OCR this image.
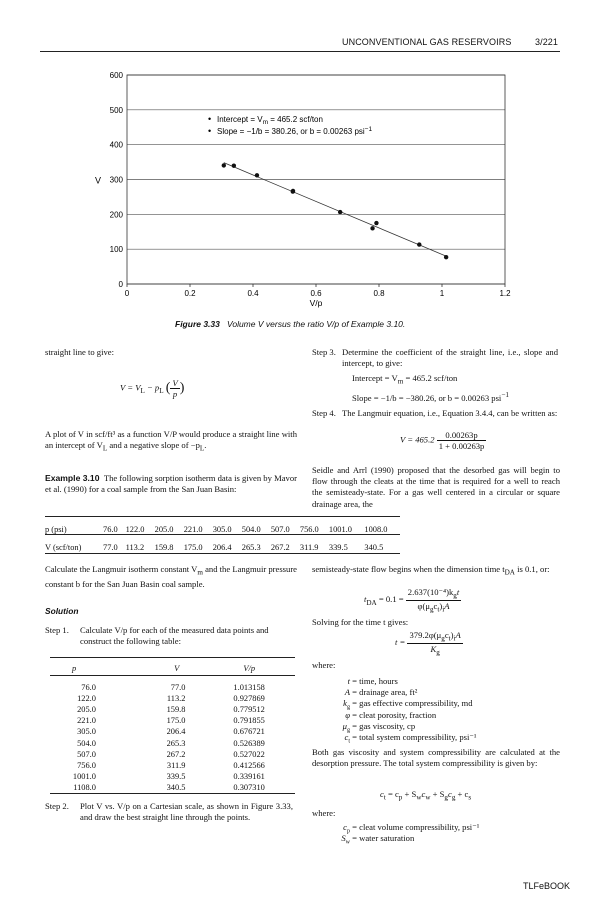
UNCONVENTIONAL GAS RESERVOIRS	3/221
0
100
200
300
400
500
600
0	0.2	0.4	0.6	0.8	1	1.2
• Intercept = $V_m = 465.2$ scf/ton
• Slope = −1/b = 380.26, or b = 0.00263 psi$^{-1}$
V/p
V
Figure 3.33 Volume V versus the ratio V/p of Example 3.10.
straight line to give:
$V = V_L - p_L$ ( $\frac{V}{p}$ )
A plot of V in scf/ft³ as a function V/P would produce a straight line with an intercept of $V_L$ and a negative slope of $-p_L$.
Example 3.10 The following sorption isotherm data is given by Mavor et al. (1990) for a coal sample from the San Juan Basin:
p (psi)	76.0	122.0	205.0	221.0	305.0	504.0	507.0	756.0	1001.0	1008.0
V (scf/ton)	77.0	113.2	159.8	175.0	206.4	265.3	267.2	311.9	339.5	340.5
Calculate the Langmuir isotherm constant $V_m$ and the Langmuir pressure constant b for the San Juan Basin coal sample.
Solution
Step 1. Calculate V/p for each of the measured data points and construct the following table:
p	V	V/p

76.0	77.0	1.013158
122.0	113.2	0.927869
205.0	159.8	0.779512
221.0	175.0	0.791855
305.0	206.4	0.676721
504.0	265.3	0.526389
507.0	267.2	0.527022
756.0	311.9	0.412566
1001.0	339.5	0.339161
1108.0	340.5	0.307310
Step 2. Plot V vs. V/p on a Cartesian scale, as shown in Figure 3.33, and draw the best straight line through the points.
Step 3. Determine the coefficient of the straight line, i.e., slope and intercept, to give:
Intercept = $V_m = 465.2$ scf/ton
Slope = −1/b = −380.26, or b = 0.00263 psi$^{-1}$
Step 4. The Langmuir equation, i.e., Equation 3.4.4, can be written as:
$V = 465.2 \frac{0.00263p}{1 + 0.00263p}$
Seidle and Arrl (1990) proposed that the desorbed gas will begin to flow through the cleats at the time that is required for a well to reach the semisteady-state. For a gas well centered in a circular or square drainage area, the
semisteady-state flow begins when the dimension time $t_{DA}$ is 0.1, or:
$t_{DA} = 0.1 = \frac{2.637(10^{-4})k_gt}{\varphi(\mu_gc_t)_iA}$
Solving for the time t gives:
$t = \frac{379.2\varphi(\mu_gc_t)_iA}{K_g}$
where:
t = time, hours
A = drainage area, ft²
$k_g$ = gas effective compressibility, md
φ = cleat porosity, fraction
$\mu_g$ = gas viscosity, cp
$c_t$ = total system compressibility, psi⁻¹
Both gas viscosity and system compressibility are calculated at the desorption pressure. The total system compressibility is given by:
$c_t = c_p + S_wc_w + S_gc_g + c_s$
where:
$c_p$ = cleat volume compressibility, psi⁻¹
$S_w$ = water saturation
TLFeBOOK
